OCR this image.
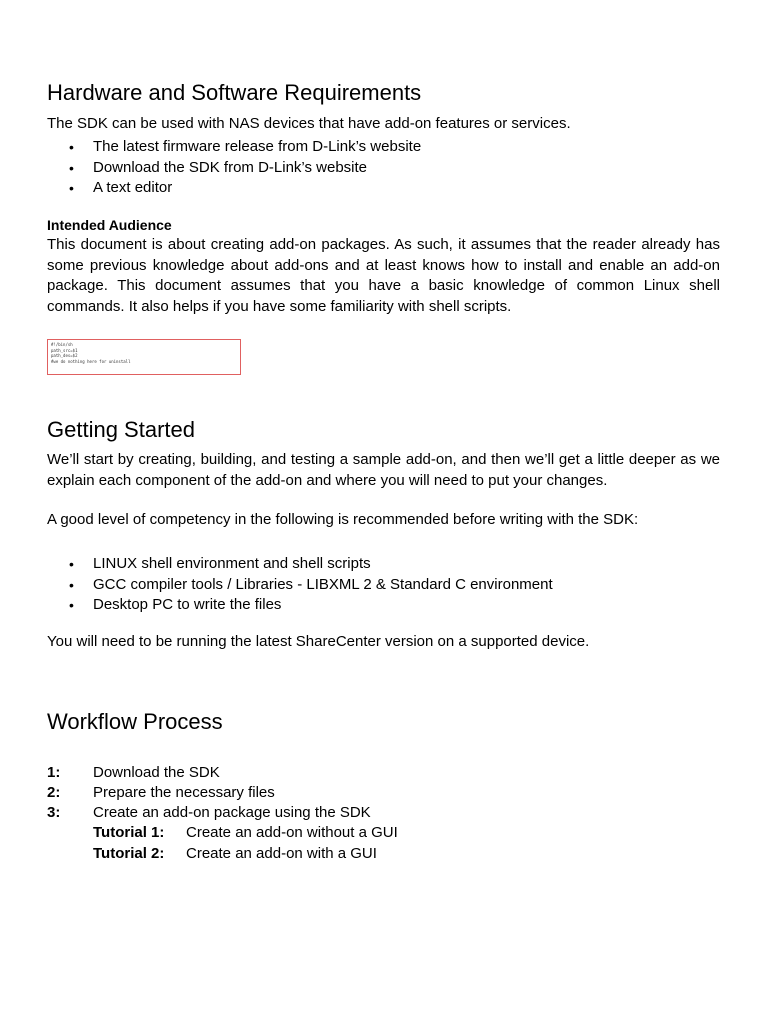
Hardware and Software Requirements

The SDK can be used with NAS devices that have add-on features or services.

• The latest firmware release from D-Link’s website
• Download the SDK from D-Link’s website
• A text editor

Intended Audience

This document is about creating add-on packages. As such, it assumes that the reader already has some previous knowledge about add-ons and at least knows how to install and enable an add-on package. This document assumes that you have a basic knowledge of common Linux shell commands. It also helps if you have some familiarity with shell scripts.

#!/bin/sh
path_src=$1
path_des=$2
#we do nothing here for uninstall
Getting Started

We’ll start by creating, building, and testing a sample add-on, and then we’ll get a little deeper as we explain each component of the add-on and where you will need to put your changes.

A good level of competency in the following is recommended before writing with the SDK:

• LINUX shell environment and shell scripts
• GCC compiler tools / Libraries - LIBXML 2 & Standard C environment
• Desktop PC to write the files

You will need to be running the latest ShareCenter version on a supported device.

Workflow Process
1: Download the SDK
2: Prepare the necessary files
3: Create an add-on package using the SDK
Tutorial 1: Create an add-on without a GUI
Tutorial 2: Create an add-on with a GUI
